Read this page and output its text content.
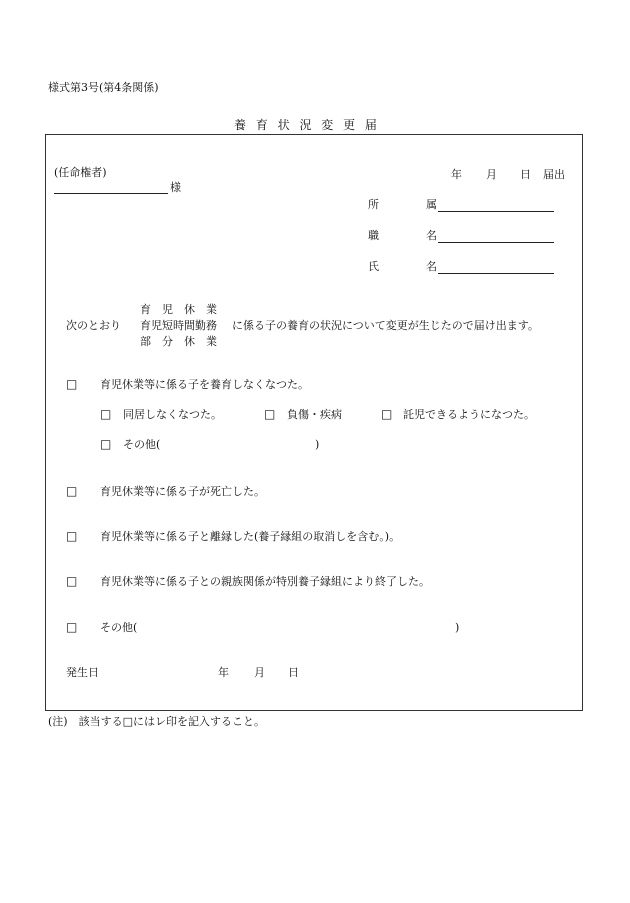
様式第3号(第4条関係)
養 育 状 況 変 更 届
(任命権者)
様
年 月 日 届出
所	属
職	名
氏	名
育　児　休　業
次のとおり 育児短時間勤務 に係る子の養育の状況について変更が生じたので届け出ます。
部　分　休　業
□ 育児休業等に係る子を養育しなくなつた。
□ 同居しなくなつた。	□ 負傷・疾病	□ 託児できるようになつた。
□ その他(	)
□ 育児休業等に係る子が死亡した。
□ 育児休業等に係る子と離縁した(養子縁組の取消しを含む。)。
□ 育児休業等に係る子との親族関係が特別養子縁組により終了した。
□ その他(	)
発生日	年 月 日
(注)　該当する□にはレ印を記入すること。
